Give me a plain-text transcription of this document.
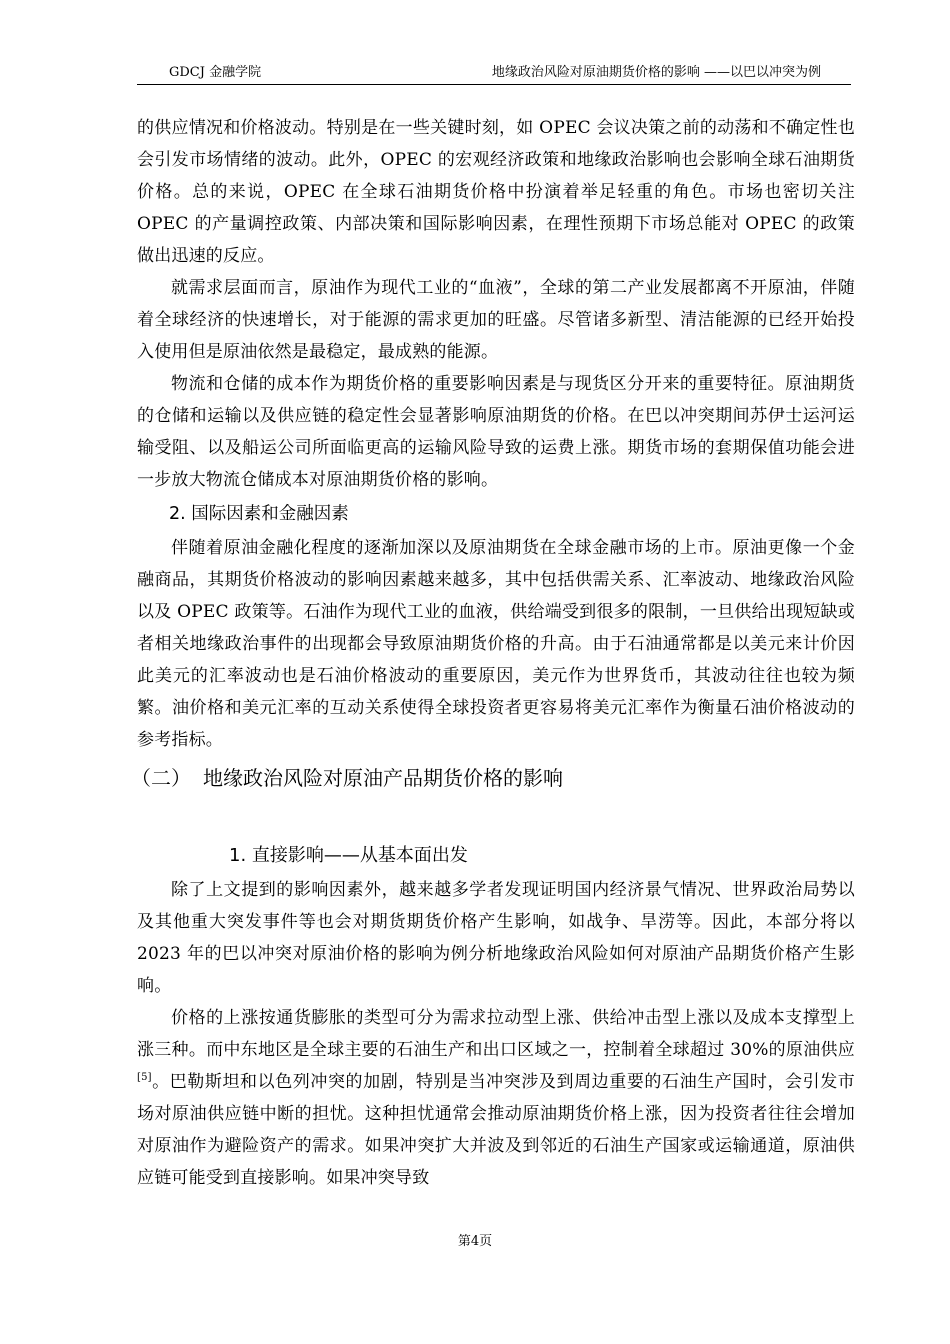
GDCJ 金融学院	地缘政治风险对原油期货价格的影响 ——以巴以冲突为例

的供应情况和价格波动。特别是在一些关键时刻，如 OPEC 会议决策之前的动荡和不确定性也会引发市场情绪的波动。此外，OPEC 的宏观经济政策和地缘政治影响也会影响全球石油期货价格。总的来说，OPEC 在全球石油期货价格中扮演着举足轻重的角色。市场也密切关注 OPEC 的产量调控政策、内部决策和国际影响因素，在理性预期下市场总能对 OPEC 的政策做出迅速的反应。

就需求层面而言，原油作为现代工业的“血液”，全球的第二产业发展都离不开原油，伴随着全球经济的快速增长，对于能源的需求更加的旺盛。尽管诸多新型、清洁能源的已经开始投入使用但是原油依然是最稳定，最成熟的能源。

物流和仓储的成本作为期货价格的重要影响因素是与现货区分开来的重要特征。原油期货的仓储和运输以及供应链的稳定性会显著影响原油期货的价格。在巴以冲突期间苏伊士运河运输受阻、以及船运公司所面临更高的运输风险导致的运费上涨。期货市场的套期保值功能会进一步放大物流仓储成本对原油期货价格的影响。

2. 国际因素和金融因素

伴随着原油金融化程度的逐渐加深以及原油期货在全球金融市场的上市。原油更像一个金融商品，其期货价格波动的影响因素越来越多，其中包括供需关系、汇率波动、地缘政治风险以及 OPEC 政策等。石油作为现代工业的血液，供给端受到很多的限制，一旦供给出现短缺或者相关地缘政治事件的出现都会导致原油期货价格的升高。由于石油通常都是以美元来计价因此美元的汇率波动也是石油价格波动的重要原因，美元作为世界货币，其波动往往也较为频繁。油价格和美元汇率的互动关系使得全球投资者更容易将美元汇率作为衡量石油价格波动的参考指标。

（二） 地缘政治风险对原油产品期货价格的影响

1. 直接影响——从基本面出发

除了上文提到的影响因素外，越来越多学者发现证明国内经济景气情况、世界政治局势以及其他重大突发事件等也会对期货期货价格产生影响，如战争、旱涝等。因此，本部分将以 2023 年的巴以冲突对原油价格的影响为例分析地缘政治风险如何对原油产品期货价格产生影响。

价格的上涨按通货膨胀的类型可分为需求拉动型上涨、供给冲击型上涨以及成本支撑型上涨三种。而中东地区是全球主要的石油生产和出口区域之一，控制着全球超过 30%的原油供应[5]。巴勒斯坦和以色列冲突的加剧，特别是当冲突涉及到周边重要的石油生产国时，会引发市场对原油供应链中断的担忧。这种担忧通常会推动原油期货价格上涨，因为投资者往往会增加对原油作为避险资产的需求。如果冲突扩大并波及到邻近的石油生产国家或运输通道，原油供应链可能受到直接影响。如果冲突导致

第4页
